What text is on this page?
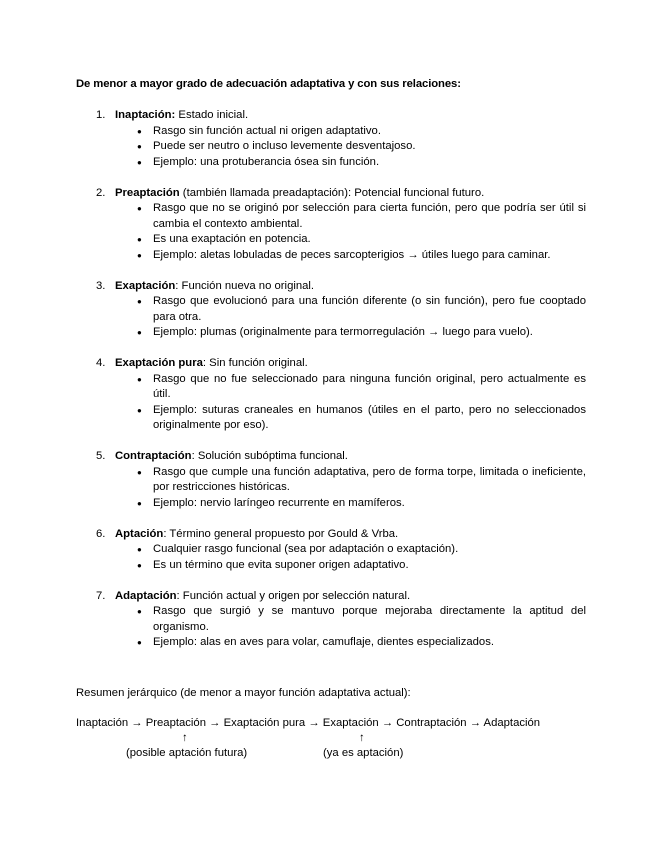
De menor a mayor grado de adecuación adaptativa y con sus relaciones:
1. Inaptación: Estado inicial.
● Rasgo sin función actual ni origen adaptativo.
● Puede ser neutro o incluso levemente desventajoso.
● Ejemplo: una protuberancia ósea sin función.
2. Preaptación (también llamada preadaptación): Potencial funcional futuro.
● Rasgo que no se originó por selección para cierta función, pero que podría ser útil si cambia el contexto ambiental.
● Es una exaptación en potencia.
● Ejemplo: aletas lobuladas de peces sarcopterigios → útiles luego para caminar.
3. Exaptación: Función nueva no original.
● Rasgo que evolucionó para una función diferente (o sin función), pero fue cooptado para otra.
● Ejemplo: plumas (originalmente para termorregulación → luego para vuelo).
4. Exaptación pura: Sin función original.
● Rasgo que no fue seleccionado para ninguna función original, pero actualmente es útil.
● Ejemplo: suturas craneales en humanos (útiles en el parto, pero no seleccionados originalmente por eso).
5. Contraptación: Solución subóptima funcional.
● Rasgo que cumple una función adaptativa, pero de forma torpe, limitada o ineficiente, por restricciones históricas.
● Ejemplo: nervio laríngeo recurrente en mamíferos.
6. Aptación: Término general propuesto por Gould & Vrba.
● Cualquier rasgo funcional (sea por adaptación o exaptación).
● Es un término que evita suponer origen adaptativo.
7. Adaptación: Función actual y origen por selección natural.
● Rasgo que surgió y se mantuvo porque mejoraba directamente la aptitud del organismo.
● Ejemplo: alas en aves para volar, camuflaje, dientes especializados.
Resumen jerárquico (de menor a mayor función adaptativa actual):
Inaptación → Preaptación → Exaptación pura → Exaptación → Contraptación → Adaptación
↑	↑
(posible aptación futura)	(ya es aptación)
